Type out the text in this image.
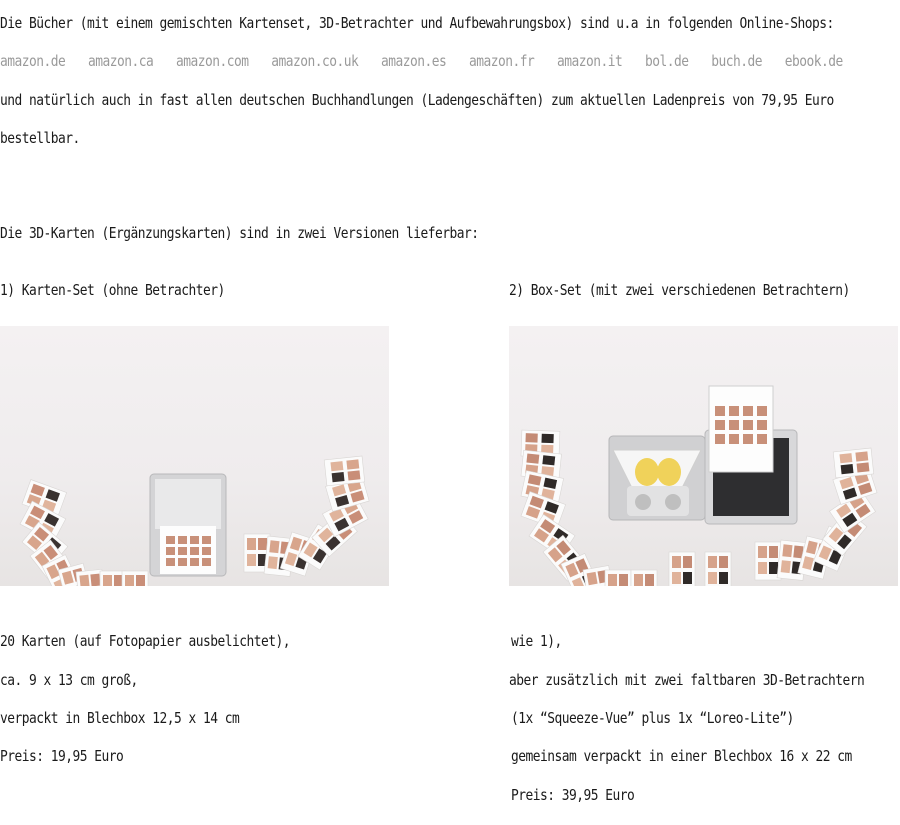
Die Bücher (mit einem gemischten Kartenset, 3D-Betrachter und Aufbewahrungsbox) sind u.a in folgenden Online-Shops:
amazon.de amazon.ca amazon.com amazon.co.uk amazon.es amazon.fr amazon.it bol.de buch.de ebook.de
und natürlich auch in fast allen deutschen Buchhandlungen (Ladengeschäften) zum aktuellen Ladenpreis von 79,95 Euro
bestellbar.
Die 3D-Karten (Ergänzungskarten) sind in zwei Versionen lieferbar:
1) Karten-Set (ohne Betrachter)	2) Box-Set (mit zwei verschiedenen Betrachtern)
20 Karten (auf Fotopapier ausbelichtet),
ca. 9 x 13 cm groß,
verpackt in Blechbox 12,5 x 14 cm
Preis: 19,95 Euro
wie 1),
aber zusätzlich mit zwei faltbaren 3D-Betrachtern
(1x “Squeeze-Vue” plus 1x “Loreo-Lite”)
gemeinsam verpackt in einer Blechbox 16 x 22 cm
Preis: 39,95 Euro
